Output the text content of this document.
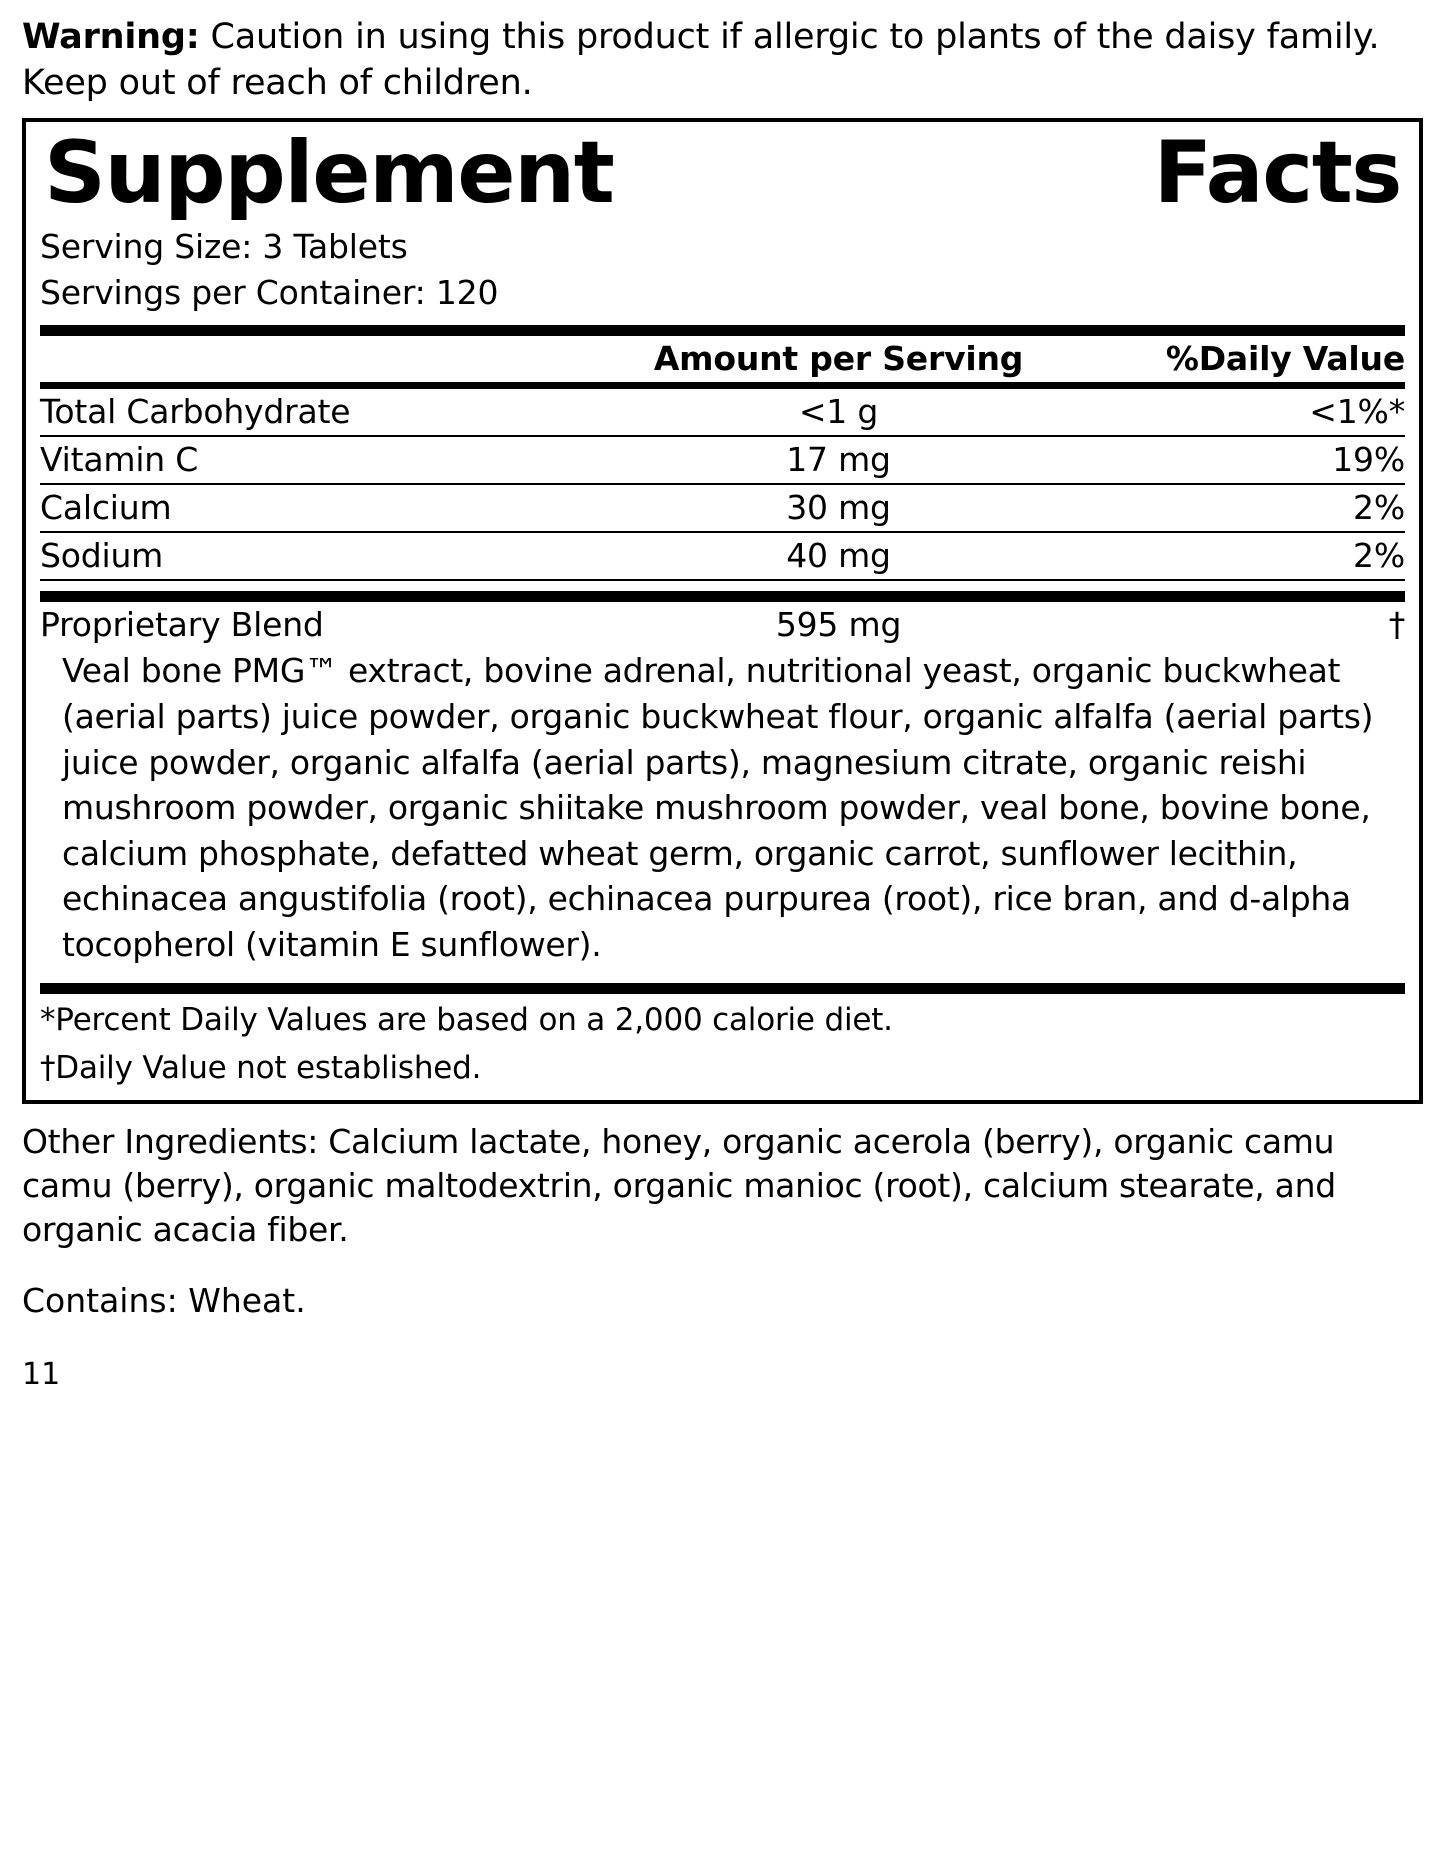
Warning: Caution in using this product if allergic to plants of the daisy family. Keep out of reach of children.

Supplement	Facts
Serving Size: 3 Tablets
Servings per Container: 120
	Amount per Serving	%Daily Value
Total Carbohydrate	<1 g	<1%*
Vitamin C	17 mg	19%
Calcium	30 mg	2%
Sodium	40 mg	2%
Proprietary Blend	595 mg	†
Veal bone PMG™ extract, bovine adrenal, nutritional yeast, organic buckwheat (aerial parts) juice powder, organic buckwheat flour, organic alfalfa (aerial parts) juice powder, organic alfalfa (aerial parts), magnesium citrate, organic reishi mushroom powder, organic shiitake mushroom powder, veal bone, bovine bone, calcium phosphate, defatted wheat germ, organic carrot, sunflower lecithin, echinacea angustifolia (root), echinacea purpurea (root), rice bran, and d-alpha tocopherol (vitamin E sunflower).
*Percent Daily Values are based on a 2,000 calorie diet.
†Daily Value not established.

Other Ingredients: Calcium lactate, honey, organic acerola (berry), organic camu camu (berry), organic maltodextrin, organic manioc (root), calcium stearate, and organic acacia fiber.

Contains: Wheat.

11
